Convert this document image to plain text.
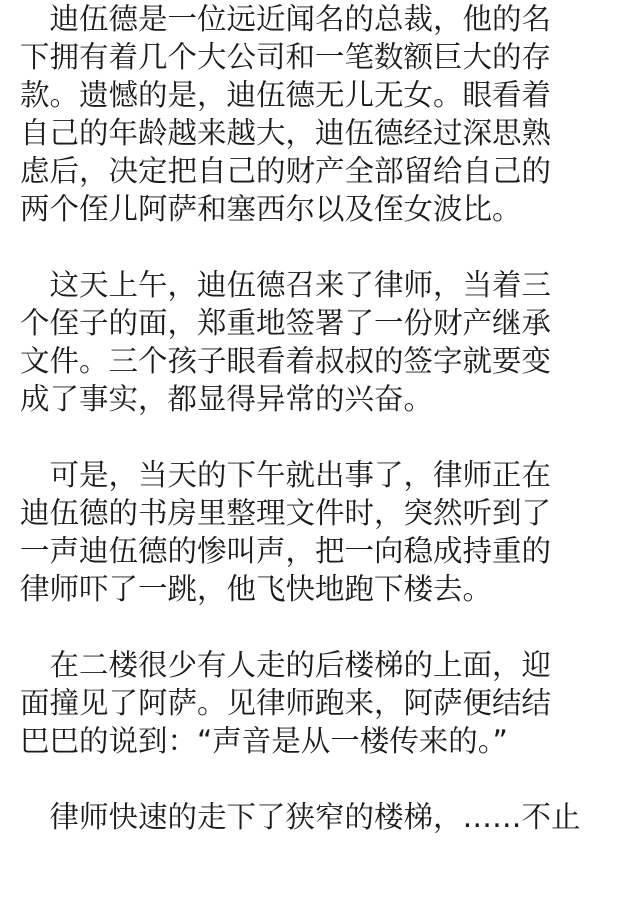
　迪伍德是一位远近闻名的总裁，他的名
下拥有着几个大公司和一笔数额巨大的存
款。遗憾的是，迪伍德无儿无女。眼看着
自己的年龄越来越大，迪伍德经过深思熟
虑后，决定把自己的财产全部留给自己的
两个侄儿阿萨和塞西尔以及侄女波比。
　这天上午，迪伍德召来了律师，当着三
个侄子的面，郑重地签署了一份财产继承
文件。三个孩子眼看着叔叔的签字就要变
成了事实，都显得异常的兴奋。
　可是，当天的下午就出事了，律师正在
迪伍德的书房里整理文件时，突然听到了
一声迪伍德的惨叫声，把一向稳成持重的
律师吓了一跳，他飞快地跑下楼去。
　在二楼很少有人走的后楼梯的上面，迎
面撞见了阿萨。见律师跑来，阿萨便结结
巴巴的说到：“声音是从一楼传来的。”
　律师快速的走下了狭窄的楼梯，……不止
